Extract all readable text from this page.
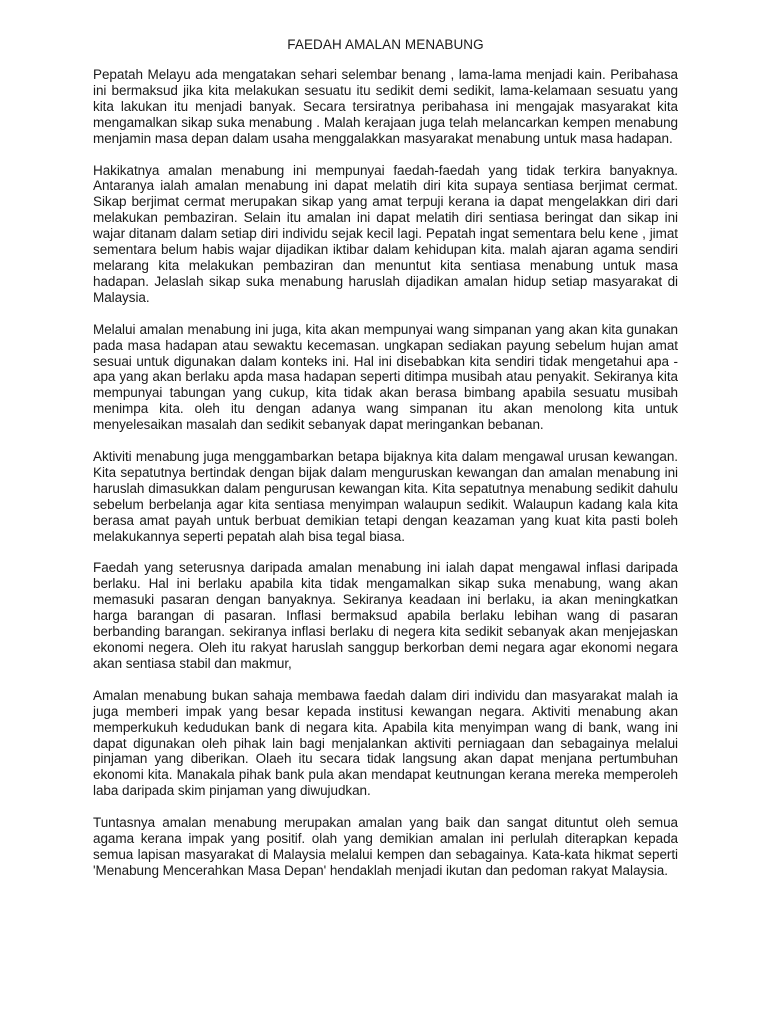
FAEDAH AMALAN MENABUNG

Pepatah Melayu ada mengatakan sehari selembar benang , lama-lama menjadi kain. Peribahasa ini bermaksud jika kita melakukan sesuatu itu sedikit demi sedikit, lama-kelamaan sesuatu yang kita lakukan itu menjadi banyak. Secara tersiratnya peribahasa ini mengajak masyarakat kita mengamalkan sikap suka menabung . Malah kerajaan juga telah melancarkan kempen menabung menjamin masa depan dalam usaha menggalakkan masyarakat menabung untuk masa hadapan.

Hakikatnya amalan menabung ini mempunyai faedah-faedah yang tidak terkira banyaknya. Antaranya ialah amalan menabung ini dapat melatih diri kita supaya sentiasa berjimat cermat. Sikap berjimat cermat merupakan sikap yang amat terpuji kerana ia dapat mengelakkan diri dari melakukan pembaziran. Selain itu amalan ini dapat melatih diri sentiasa beringat dan sikap ini wajar ditanam dalam setiap diri individu sejak kecil lagi. Pepatah ingat sementara belu kene , jimat sementara belum habis wajar dijadikan iktibar dalam kehidupan kita. malah ajaran agama sendiri melarang kita melakukan pembaziran dan menuntut kita sentiasa menabung untuk masa hadapan. Jelaslah sikap suka menabung haruslah dijadikan amalan hidup setiap masyarakat di Malaysia.

Melalui amalan menabung ini juga, kita akan mempunyai wang simpanan yang akan kita gunakan pada masa hadapan atau sewaktu kecemasan. ungkapan sediakan payung sebelum hujan amat sesuai untuk digunakan dalam konteks ini. Hal ini disebabkan kita sendiri tidak mengetahui apa -apa yang akan berlaku apda masa hadapan seperti ditimpa musibah atau penyakit. Sekiranya kita mempunyai tabungan yang cukup, kita tidak akan berasa bimbang apabila sesuatu musibah menimpa kita. oleh itu dengan adanya wang simpanan itu akan menolong kita untuk menyelesaikan masalah dan sedikit sebanyak dapat meringankan bebanan.

Aktiviti menabung juga menggambarkan betapa bijaknya kita dalam mengawal urusan kewangan. Kita sepatutnya bertindak dengan bijak dalam menguruskan kewangan dan amalan menabung ini haruslah dimasukkan dalam pengurusan kewangan kita. Kita sepatutnya menabung sedikit dahulu sebelum berbelanja agar kita sentiasa menyimpan walaupun sedikit. Walaupun kadang kala kita berasa amat payah untuk berbuat demikian tetapi dengan keazaman yang kuat kita pasti boleh melakukannya seperti pepatah alah bisa tegal biasa.

Faedah yang seterusnya daripada amalan menabung ini ialah dapat mengawal inflasi daripada berlaku. Hal ini berlaku apabila kita tidak mengamalkan sikap suka menabung, wang akan memasuki pasaran dengan banyaknya. Sekiranya keadaan ini berlaku, ia akan meningkatkan harga barangan di pasaran. Inflasi bermaksud apabila berlaku lebihan wang di pasaran berbanding barangan. sekiranya inflasi berlaku di negera kita sedikit sebanyak akan menjejaskan ekonomi negera. Oleh itu rakyat haruslah sanggup berkorban demi negara agar ekonomi negara akan sentiasa stabil dan makmur,

Amalan menabung bukan sahaja membawa faedah dalam diri individu dan masyarakat malah ia juga memberi impak yang besar kepada institusi kewangan negara. Aktiviti menabung akan memperkukuh kedudukan bank di negara kita. Apabila kita menyimpan wang di bank, wang ini dapat digunakan oleh pihak lain bagi menjalankan aktiviti perniagaan dan sebagainya melalui pinjaman yang diberikan. Olaeh itu secara tidak langsung akan dapat menjana pertumbuhan ekonomi kita. Manakala pihak bank pula akan mendapat keutnungan kerana mereka memperoleh laba daripada skim pinjaman yang diwujudkan.

Tuntasnya amalan menabung merupakan amalan yang baik dan sangat dituntut oleh semua agama kerana impak yang positif. olah yang demikian amalan ini perlulah diterapkan kepada semua lapisan masyarakat di Malaysia melalui kempen dan sebagainya. Kata-kata hikmat seperti 'Menabung Mencerahkan Masa Depan' hendaklah menjadi ikutan dan pedoman rakyat Malaysia.
